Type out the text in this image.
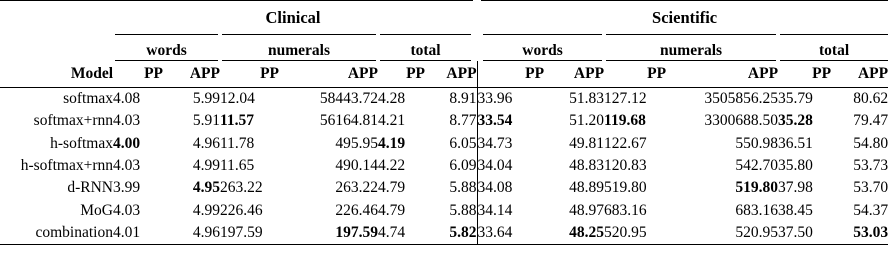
	Clinical						Scientific					
	words		numerals		total		words		numerals		total	
Model	PP	APP	PP	APP	PP	APP	PP	APP	PP	APP	PP	APP
softmax	4.08	5.99	12.04	58443.72	4.28	8.91	33.96	51.83	127.12	3505856.25	35.79	80.62
softmax+rnn	4.03	5.91	11.57	56164.81	4.21	8.77	33.54	51.20	119.68	3300688.50	35.28	79.47
h-softmax	4.00	4.96	11.78	495.95	4.19	6.05	34.73	49.81	122.67	550.98	36.51	54.80
h-softmax+rnn	4.03	4.99	11.65	490.14	4.22	6.09	34.04	48.83	120.83	542.70	35.80	53.73
d-RNN	3.99	4.95	263.22	263.22	4.79	5.88	34.08	48.89	519.80	519.80	37.98	53.70
MoG	4.03	4.99	226.46	226.46	4.79	5.88	34.14	48.97	683.16	683.16	38.45	54.37
combination	4.01	4.96	197.59	197.59	4.74	5.82	33.64	48.25	520.95	520.95	37.50	53.03
